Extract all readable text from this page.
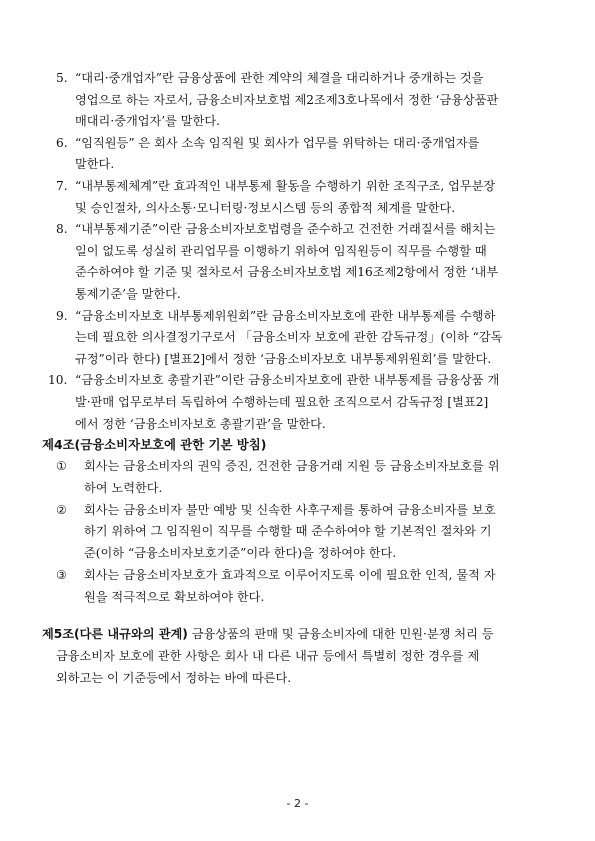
5. “대리·중개업자”란 금융상품에 관한 계약의 체결을 대리하거나 중개하는 것을
영업으로 하는 자로서, 금융소비자보호법 제2조제3호나목에서 정한 ‘금융상품판
매대리·중개업자’를 말한다.
6. “임직원등” 은 회사 소속 임직원 및 회사가 업무를 위탁하는 대리·중개업자를
말한다.
7. “내부통제체계”란 효과적인 내부통제 활동을 수행하기 위한 조직구조, 업무분장
및 승인절차, 의사소통·모니터링·정보시스템 등의 종합적 체계를 말한다.
8. “내부통제기준”이란 금융소비자보호법령을 준수하고 건전한 거래질서를 해치는
일이 없도록 성실히 관리업무를 이행하기 위하여 임직원등이 직무를 수행할 때
준수하여야 할 기준 및 절차로서 금융소비자보호법 제16조제2항에서 정한 ‘내부
통제기준’을 말한다.
9. “금융소비자보호 내부통제위원회”란 금융소비자보호에 관한 내부통제를 수행하
는데 필요한 의사결정기구로서 「금융소비자 보호에 관한 감독규정」(이하 “감독
규정”이라 한다) [별표2]에서 정한 ‘금융소비자보호 내부통제위원회’를 말한다.
10. “금융소비자보호 총괄기관”이란 금융소비자보호에 관한 내부통제를 금융상품 개
발·판매 업무로부터 독립하여 수행하는데 필요한 조직으로서 감독규정 [별표2]
에서 정한 ‘금융소비자보호 총괄기관’을 말한다.
제4조(금융소비자보호에 관한 기본 방침)
① 회사는 금융소비자의 권익 증진, 건전한 금융거래 지원 등 금융소비자보호를 위
하여 노력한다.
② 회사는 금융소비자 불만 예방 및 신속한 사후구제를 통하여 금융소비자를 보호
하기 위하여 그 임직원이 직무를 수행할 때 준수하여야 할 기본적인 절차와 기
준(이하 “금융소비자보호기준”이라 한다)을 정하여야 한다.
③ 회사는 금융소비자보호가 효과적으로 이루어지도록 이에 필요한 인적, 물적 자
원을 적극적으로 확보하여야 한다.
제5조(다른 내규와의 관계) 금융상품의 판매 및 금융소비자에 대한 민원·분쟁 처리 등
금융소비자 보호에 관한 사항은 회사 내 다른 내규 등에서 특별히 정한 경우를 제
외하고는 이 기준등에서 정하는 바에 따른다.
- 2 -
